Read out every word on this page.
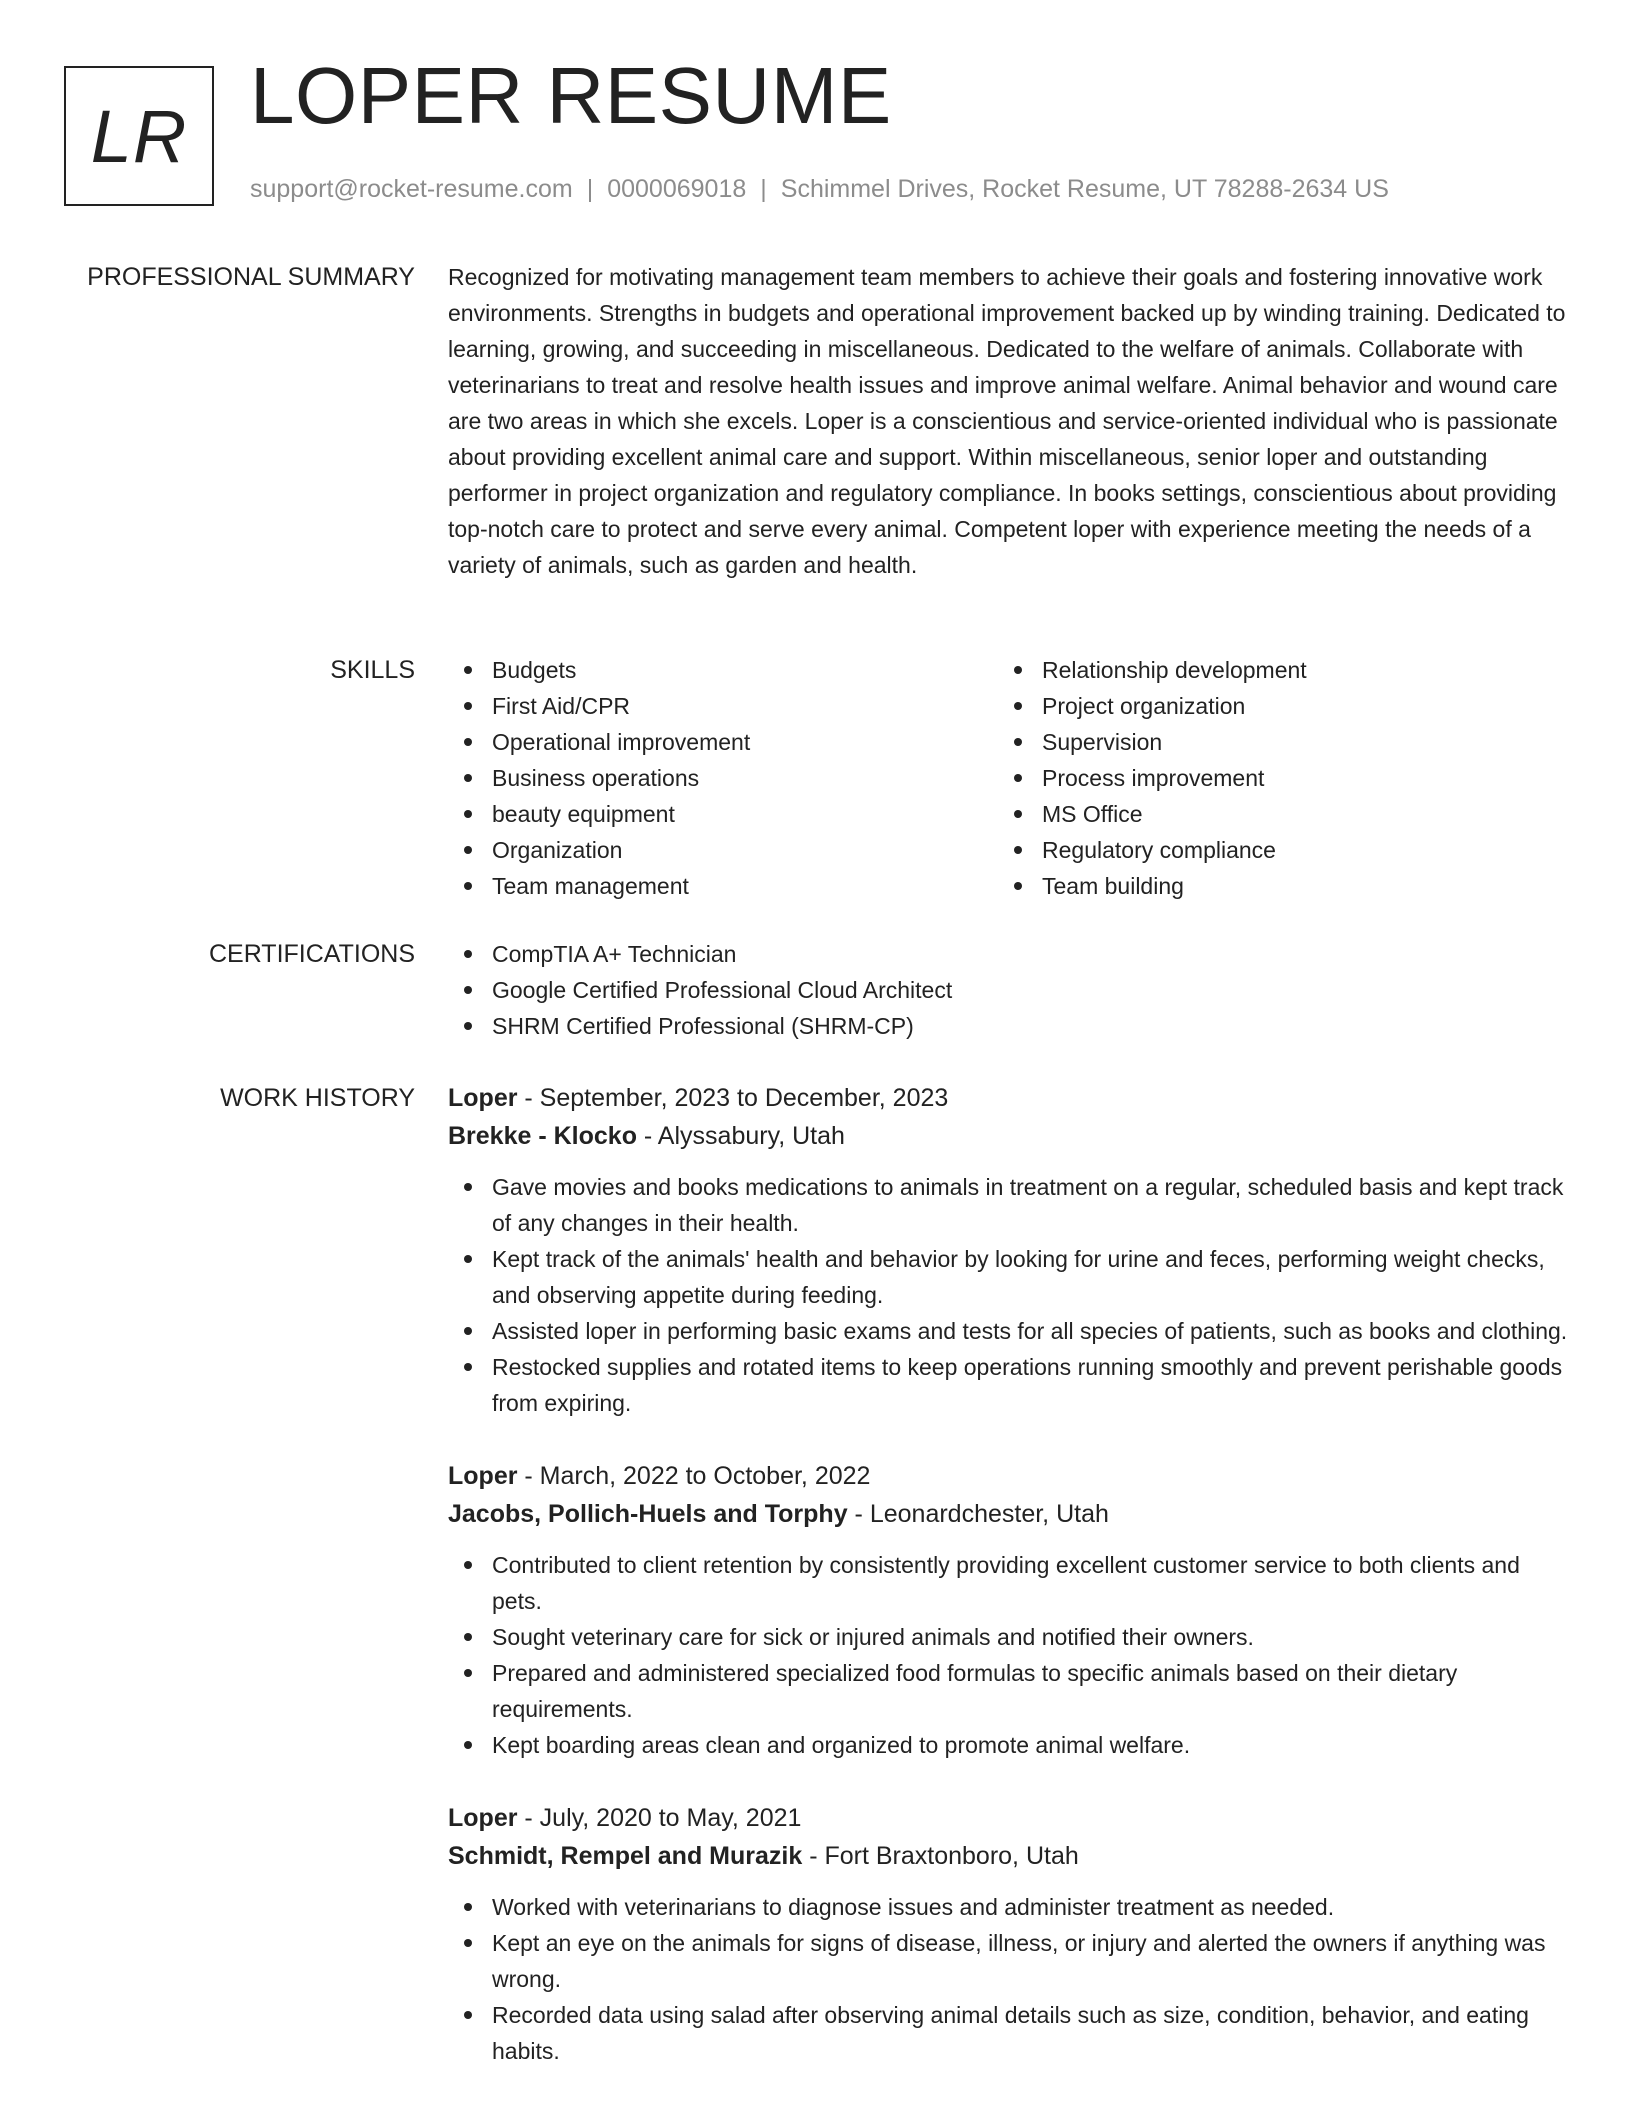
LR LOPER RESUME
support@rocket-resume.com | 0000069018 | Schimmel Drives, Rocket Resume, UT 78288-2634 US
PROFESSIONAL SUMMARY Recognized for motivating management team members to achieve their goals and fostering innovative work environments. Strengths in budgets and operational improvement backed up by winding training. Dedicated to learning, growing, and succeeding in miscellaneous. Dedicated to the welfare of animals. Collaborate with veterinarians to treat and resolve health issues and improve animal welfare. Animal behavior and wound care are two areas in which she excels. Loper is a conscientious and service-oriented individual who is passionate about providing excellent animal care and support. Within miscellaneous, senior loper and outstanding performer in project organization and regulatory compliance. In books settings, conscientious about providing top-notch care to protect and serve every animal. Competent loper with experience meeting the needs of a variety of animals, such as garden and health.

SKILLS	Budgets
First Aid/CPR
Operational improvement
Business operations
beauty equipment
Organization
Team management
Relationship development
Project organization
Supervision
Process improvement
MS Office
Regulatory compliance
Team building
CERTIFICATIONS	CompTIA A+ Technician
Google Certified Professional Cloud Architect
SHRM Certified Professional (SHRM-CP)
WORK HISTORY Loper - September, 2023 to December, 2023
Brekke - Klocko - Alyssabury, Utah
Gave movies and books medications to animals in treatment on a regular, scheduled basis and kept track of any changes in their health.
Kept track of the animals' health and behavior by looking for urine and feces, performing weight checks, and observing appetite during feeding.
Assisted loper in performing basic exams and tests for all species of patients, such as books and clothing.
Restocked supplies and rotated items to keep operations running smoothly and prevent perishable goods from expiring.
Loper - March, 2022 to October, 2022
Jacobs, Pollich-Huels and Torphy - Leonardchester, Utah
Contributed to client retention by consistently providing excellent customer service to both clients and pets.
Sought veterinary care for sick or injured animals and notified their owners.
Prepared and administered specialized food formulas to specific animals based on their dietary requirements.
Kept boarding areas clean and organized to promote animal welfare.
Loper - July, 2020 to May, 2021
Schmidt, Rempel and Murazik - Fort Braxtonboro, Utah
Worked with veterinarians to diagnose issues and administer treatment as needed.
Kept an eye on the animals for signs of disease, illness, or injury and alerted the owners if anything was wrong.
Recorded data using salad after observing animal details such as size, condition, behavior, and eating habits.
